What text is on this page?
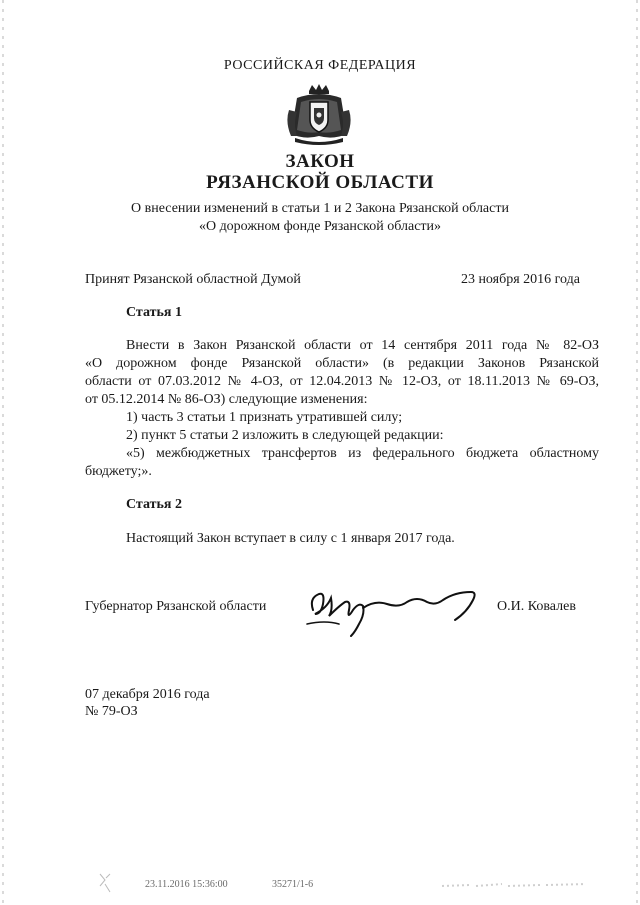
РОССИЙСКАЯ ФЕДЕРАЦИЯ
ЗАКОН
РЯЗАНСКОЙ ОБЛАСТИ
О внесении изменений в статьи 1 и 2 Закона Рязанской области
«О дорожном фонде Рязанской области»
Принят Рязанской областной Думой	23 ноября 2016 года
Статья 1
Внести в Закон Рязанской области от 14 сентября 2011 года № 82-ОЗ
«О дорожном фонде Рязанской области» (в редакции Законов Рязанской
области от 07.03.2012 № 4-ОЗ, от 12.04.2013 № 12-ОЗ, от 18.11.2013 № 69-ОЗ,
от 05.12.2014 № 86-ОЗ) следующие изменения:
1) часть 3 статьи 1 признать утратившей силу;
2) пункт 5 статьи 2 изложить в следующей редакции:
«5) межбюджетных трансфертов из федерального бюджета областному
бюджету;».
Статья 2
Настоящий Закон вступает в силу с 1 января 2017 года.
Губернатор Рязанской области	О.И. Ковалев
07 декабря 2016 года
№ 79-ОЗ
23.11.2016 15:36:00	35271/1-6
